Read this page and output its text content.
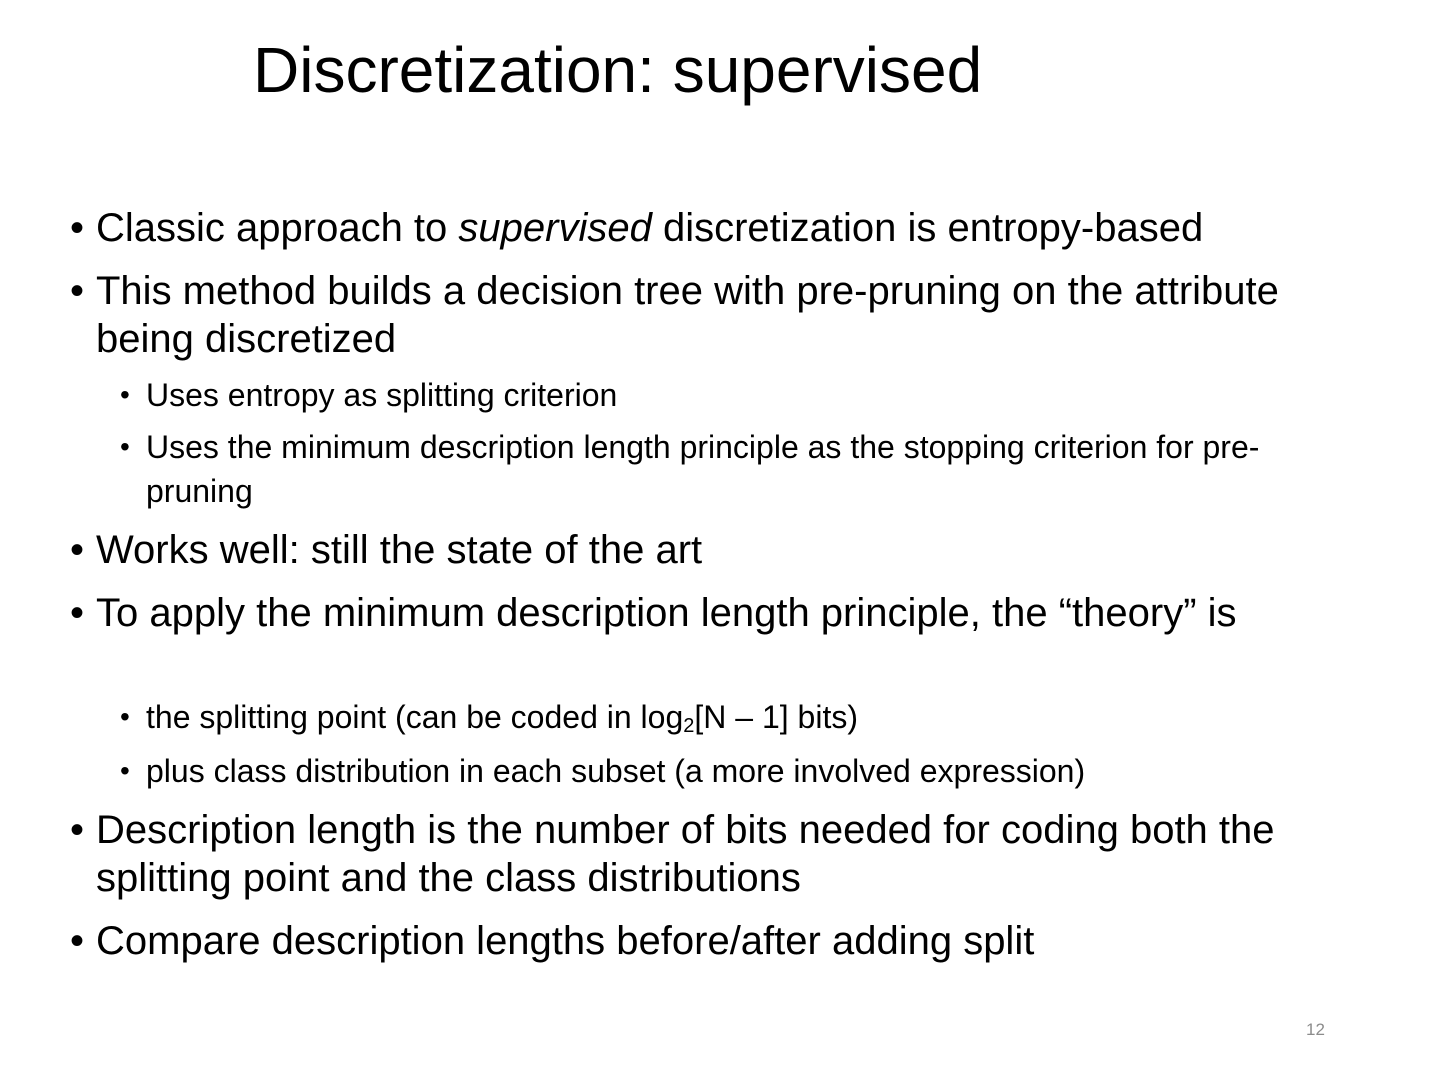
Discretization: supervised
• Classic approach to supervised discretization is entropy-based
• This method builds a decision tree with pre-pruning on the attribute being discretized
• Uses entropy as splitting criterion
• Uses the minimum description length principle as the stopping criterion for pre-pruning
• Works well: still the state of the art
• To apply the minimum description length principle, the “theory” is
• the splitting point (can be coded in $\log_2[N - 1]$ bits)
• plus class distribution in each subset (a more involved expression)
• Description length is the number of bits needed for coding both the splitting point and the class distributions
• Compare description lengths before/after adding split
12
